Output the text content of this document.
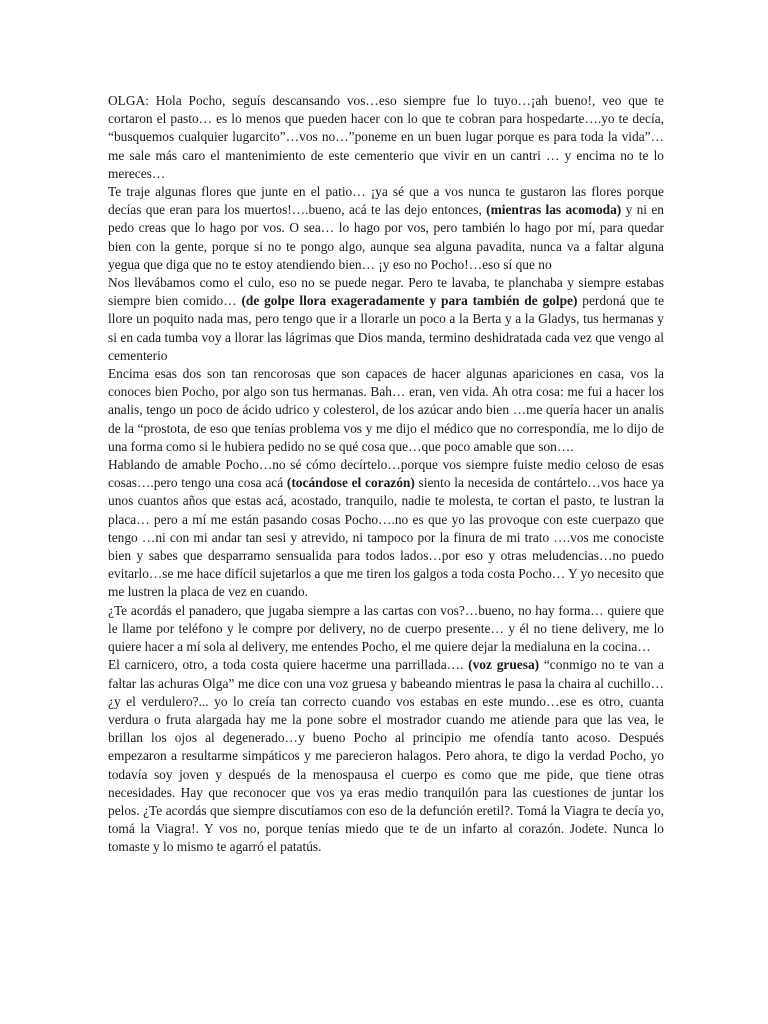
OLGA: Hola Pocho, seguís descansando vos…eso siempre fue lo tuyo…¡ah bueno!, veo que te cortaron el pasto… es lo menos que pueden hacer con lo que te cobran para hospedarte….yo te decía, “busquemos cualquier lugarcito”…vos no…”poneme en un buen lugar porque es para toda la vida”…me sale más caro el mantenimiento de este cementerio que vivir en un cantri … y encima no te lo mereces…

Te traje algunas flores que junte en el patio… ¡ya sé que a vos nunca te gustaron las flores porque decías que eran para los muertos!….bueno, acá te las dejo entonces, (mientras las acomoda) y ni en pedo creas que lo hago por vos. O sea… lo hago por vos, pero también lo hago por mí, para quedar bien con la gente, porque si no te pongo algo, aunque sea alguna pavadita, nunca va a faltar alguna yegua que diga que no te estoy atendiendo bien… ¡y eso no Pocho!…eso sí que no

Nos llevábamos como el culo, eso no se puede negar. Pero te lavaba, te planchaba y siempre estabas siempre bien comido… (de golpe llora exageradamente y para también de golpe) perdoná que te llore un poquito nada mas, pero tengo que ir a llorarle un poco a la Berta y a la Gladys, tus hermanas y si en cada tumba voy a llorar las lágrimas que Dios manda, termino deshidratada cada vez que vengo al cementerio

Encima esas dos son tan rencorosas que son capaces de hacer algunas apariciones en casa, vos la conoces bien Pocho, por algo son tus hermanas. Bah… eran, ven vida. Ah otra cosa: me fui a hacer los analis, tengo un poco de ácido udrico y colesterol, de los azúcar ando bien …me quería hacer un analis de la “prostota, de eso que tenías problema vos y me dijo el médico que no correspondía, me lo dijo de una forma como si le hubiera pedido no se qué cosa que…que poco amable que son….

Hablando de amable Pocho…no sé cómo decírtelo…porque vos siempre fuiste medio celoso de esas cosas….pero tengo una cosa acá (tocándose el corazón) siento la necesida de contártelo…vos hace ya unos cuantos años que estas acá, acostado, tranquilo, nadie te molesta, te cortan el pasto, te lustran la placa… pero a mí me están pasando cosas Pocho….no es que yo las provoque con este cuerpazo que tengo …ni con mi andar tan sesi y atrevido, ni tampoco por la finura de mi trato ….vos me conociste bien y sabes que desparramo sensualida para todos lados…por eso y otras meludencias…no puedo evitarlo…se me hace difícil sujetarlos a que me tiren los galgos a toda costa Pocho… Y yo necesito que me lustren la placa de vez en cuando.

¿Te acordás el panadero, que jugaba siempre a las cartas con vos?…bueno, no hay forma… quiere que le llame por teléfono y le compre por delivery, no de cuerpo presente… y él no tiene delivery, me lo quiere hacer a mí sola al delivery, me entendes Pocho, el me quiere dejar la medialuna en la cocina…

El carnicero, otro, a toda costa quiere hacerme una parrillada…. (voz gruesa) “conmigo no te van a faltar las achuras Olga” me dice con una voz gruesa y babeando mientras le pasa la chaira al cuchillo… ¿y el verdulero?... yo lo creía tan correcto cuando vos estabas en este mundo…ese es otro, cuanta verdura o fruta alargada hay me la pone sobre el mostrador cuando me atiende para que las vea, le brillan los ojos al degenerado…y bueno Pocho al principio me ofendía tanto acoso. Después empezaron a resultarme simpáticos y me parecieron halagos. Pero ahora, te digo la verdad Pocho, yo todavía soy joven y después de la menospausa el cuerpo es como que me pide, que tiene otras necesidades. Hay que reconocer que vos ya eras medio tranquilón para las cuestiones de juntar los pelos. ¿Te acordás que siempre discutíamos con eso de la defunción eretil?. Tomá la Viagra te decía yo, tomá la Viagra!. Y vos no, porque tenías miedo que te de un infarto al corazón. Jodete. Nunca lo tomaste y lo mismo te agarró el patatús.
